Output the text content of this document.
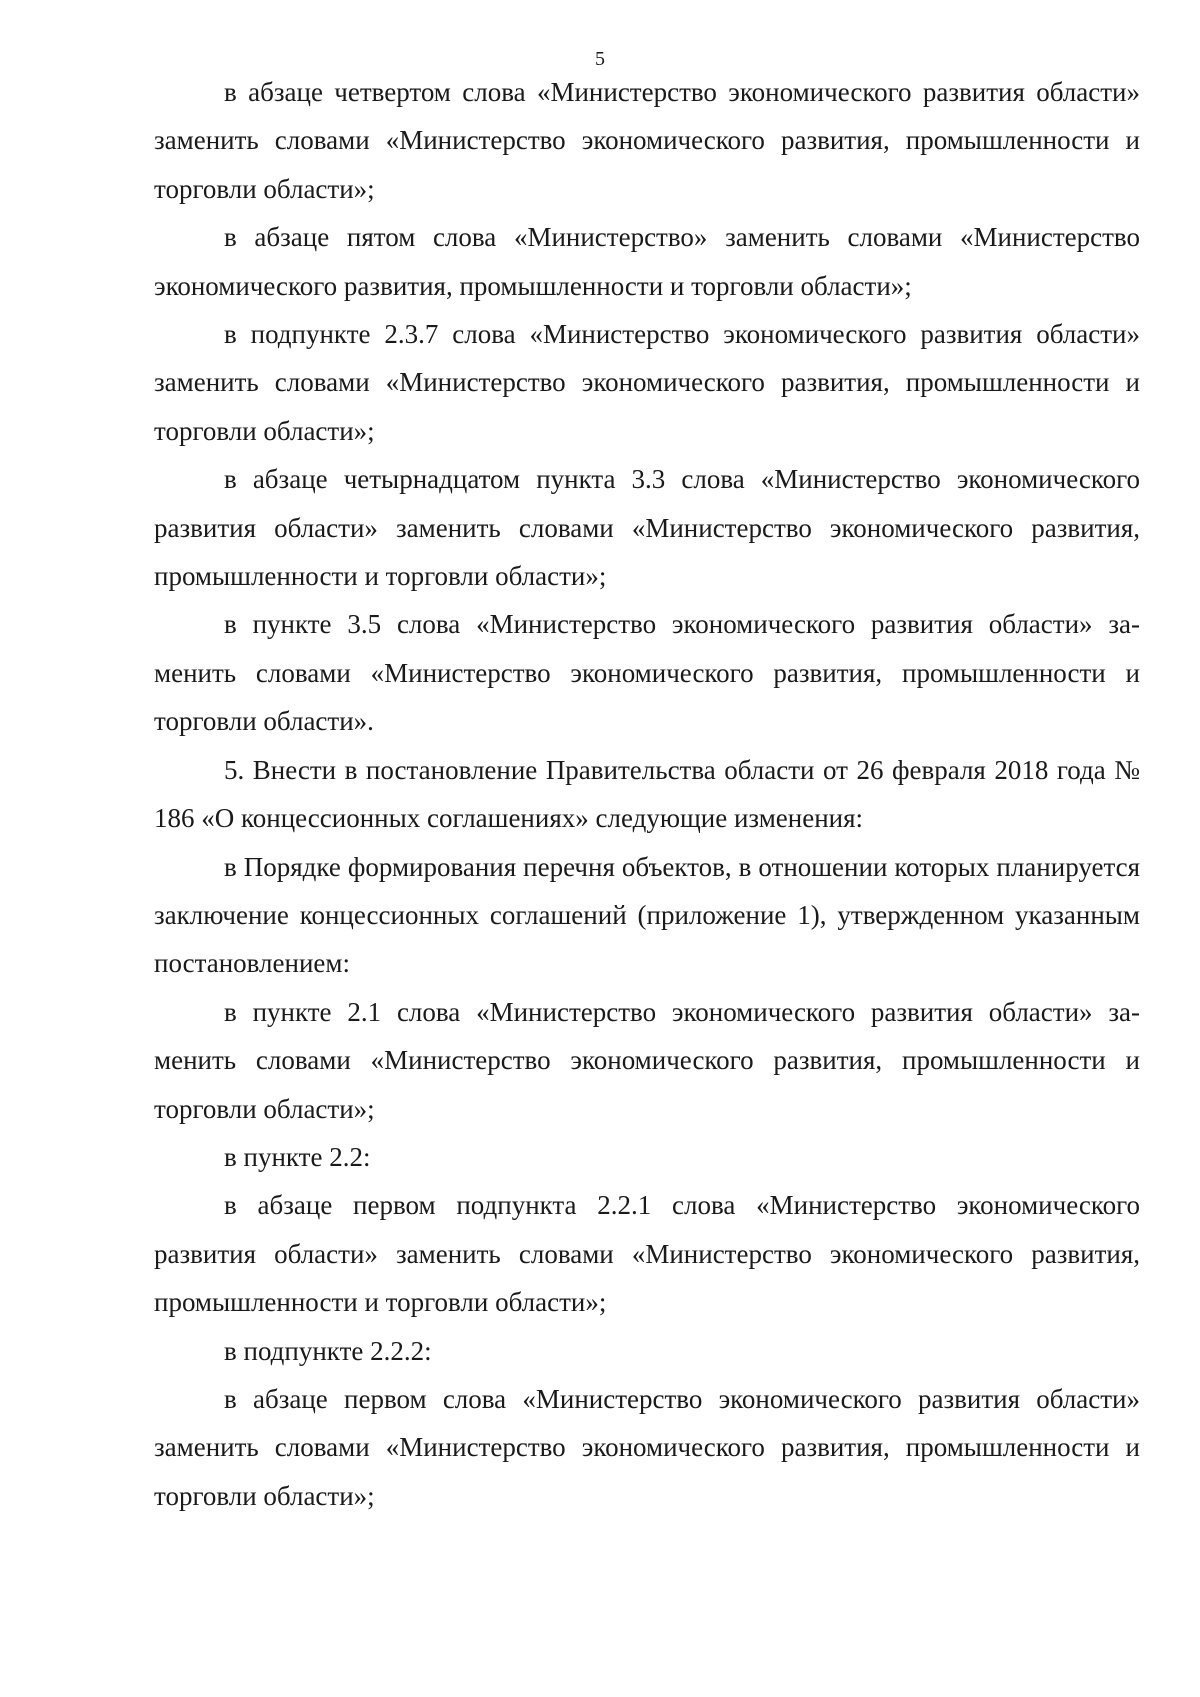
5

в абзаце четвертом слова «Министерство экономического развития области» заменить словами «Министерство экономического развития, промышленности и торговли области»;

в абзаце пятом слова «Министерство» заменить словами «Министерство экономического развития, промышленности и торговли области»;

в подпункте 2.3.7 слова «Министерство экономического развития области» заменить словами «Министерство экономического развития, промышленности и торговли области»;

в абзаце четырнадцатом пункта 3.3 слова «Министерство экономического развития области» заменить словами «Министерство экономического развития, промышленности и торговли области»;

в пункте 3.5 слова «Министерство экономического развития области» заменить словами «Министерство экономического развития, промышленности и торговли области».

5. Внести в постановление Правительства области от 26 февраля 2018 года № 186 «О концессионных соглашениях» следующие изменения:

в Порядке формирования перечня объектов, в отношении которых планируется заключение концессионных соглашений (приложение 1), утвержденном указанным постановлением:

в пункте 2.1 слова «Министерство экономического развития области» заменить словами «Министерство экономического развития, промышленности и торговли области»;

в пункте 2.2:

в абзаце первом подпункта 2.2.1 слова «Министерство экономического развития области» заменить словами «Министерство экономического развития, промышленности и торговли области»;

в подпункте 2.2.2:

в абзаце первом слова «Министерство экономического развития области» заменить словами «Министерство экономического развития, промышленности и торговли области»;
